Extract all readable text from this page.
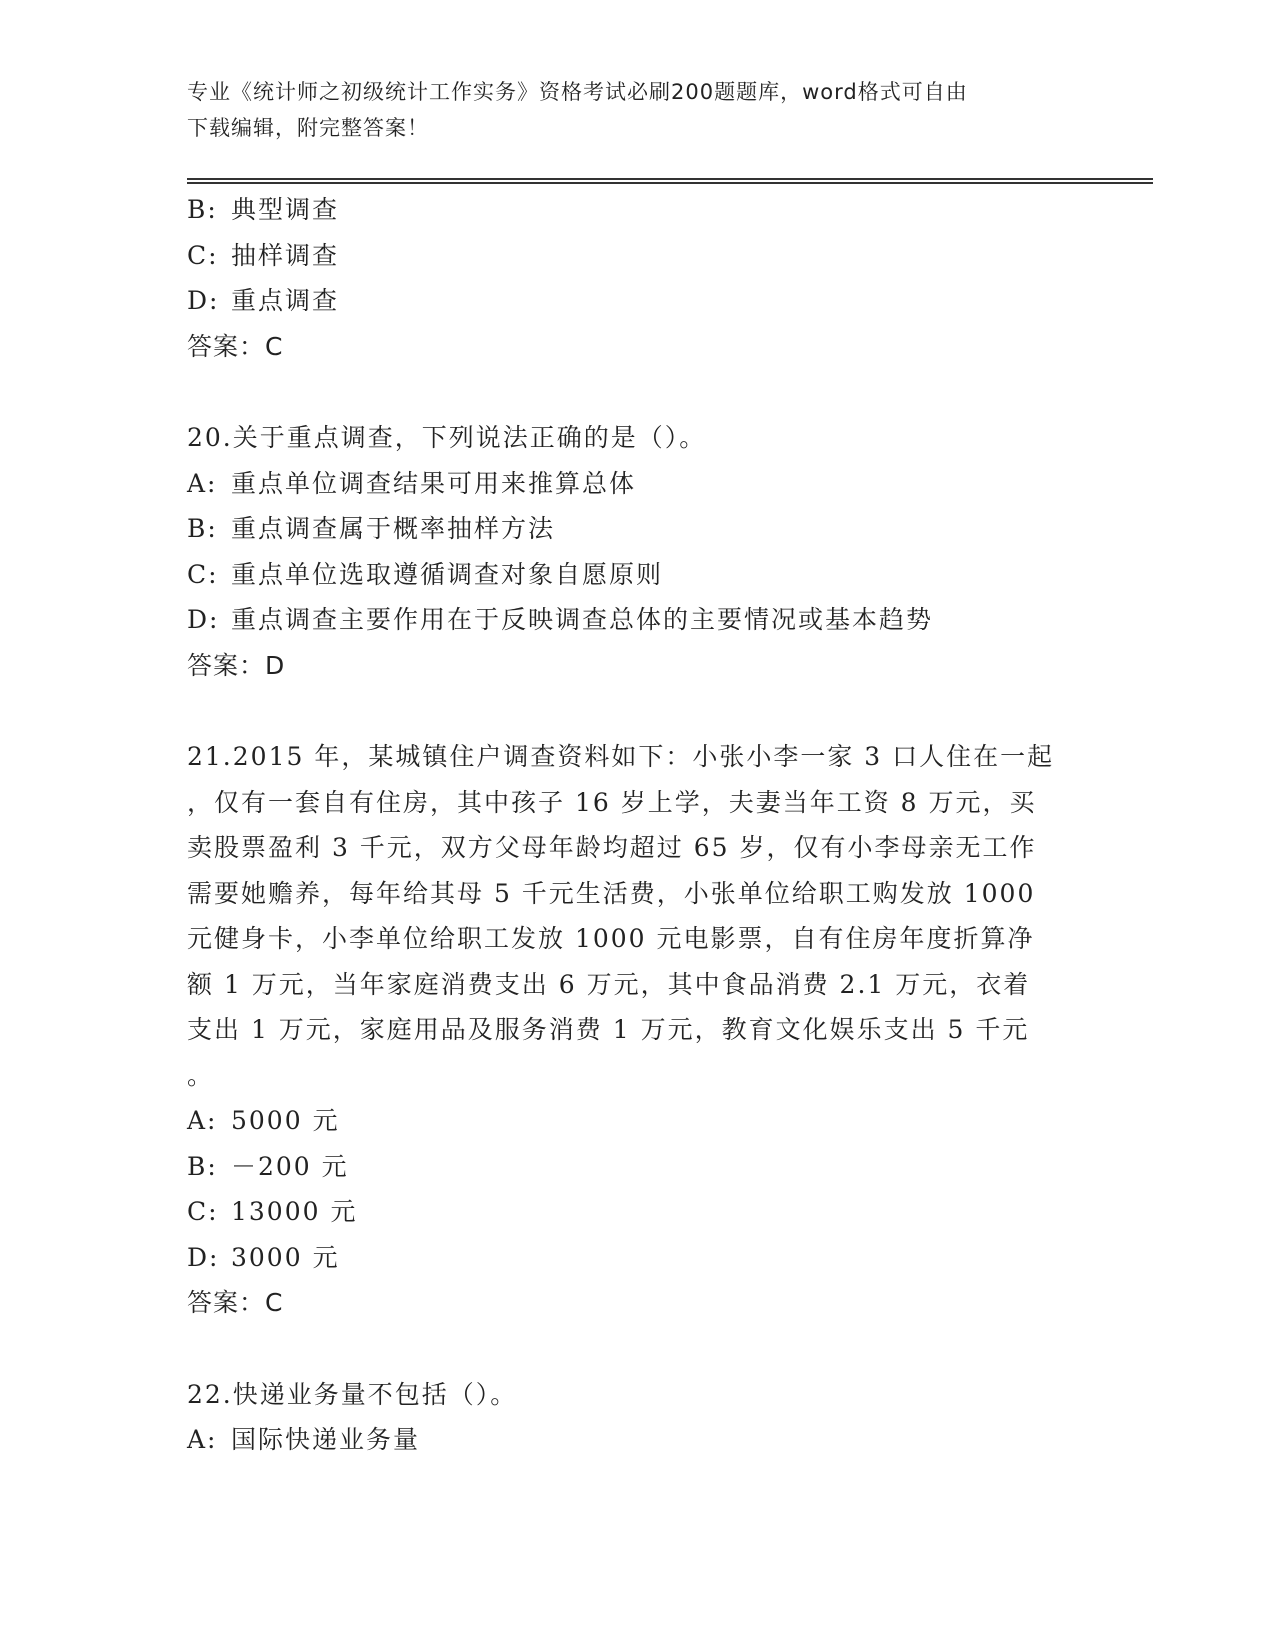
专业《统计师之初级统计工作实务》资格考试必刷200题题库，word格式可自由
下载编辑，附完整答案！
B: 典型调查
C: 抽样调查
D: 重点调查
答案：C
20.关于重点调查，下列说法正确的是（）。
A: 重点单位调查结果可用来推算总体
B: 重点调查属于概率抽样方法
C: 重点单位选取遵循调查对象自愿原则
D: 重点调查主要作用在于反映调查总体的主要情况或基本趋势
答案：D
21.2015 年，某城镇住户调查资料如下：小张小李一家 3 口人住在一起
，仅有一套自有住房，其中孩子 16 岁上学，夫妻当年工资 8 万元，买
卖股票盈利 3 千元，双方父母年龄均超过 65 岁，仅有小李母亲无工作
需要她赡养，每年给其母 5 千元生活费，小张单位给职工购发放 1000
元健身卡，小李单位给职工发放 1000 元电影票，自有住房年度折算净
额 1 万元，当年家庭消费支出 6 万元，其中食品消费 2.1 万元，衣着
支出 1 万元，家庭用品及服务消费 1 万元，教育文化娱乐支出 5 千元
。
A: 5000 元
B: －200 元
C: 13000 元
D: 3000 元
答案：C
22.快递业务量不包括（）。
A: 国际快递业务量
